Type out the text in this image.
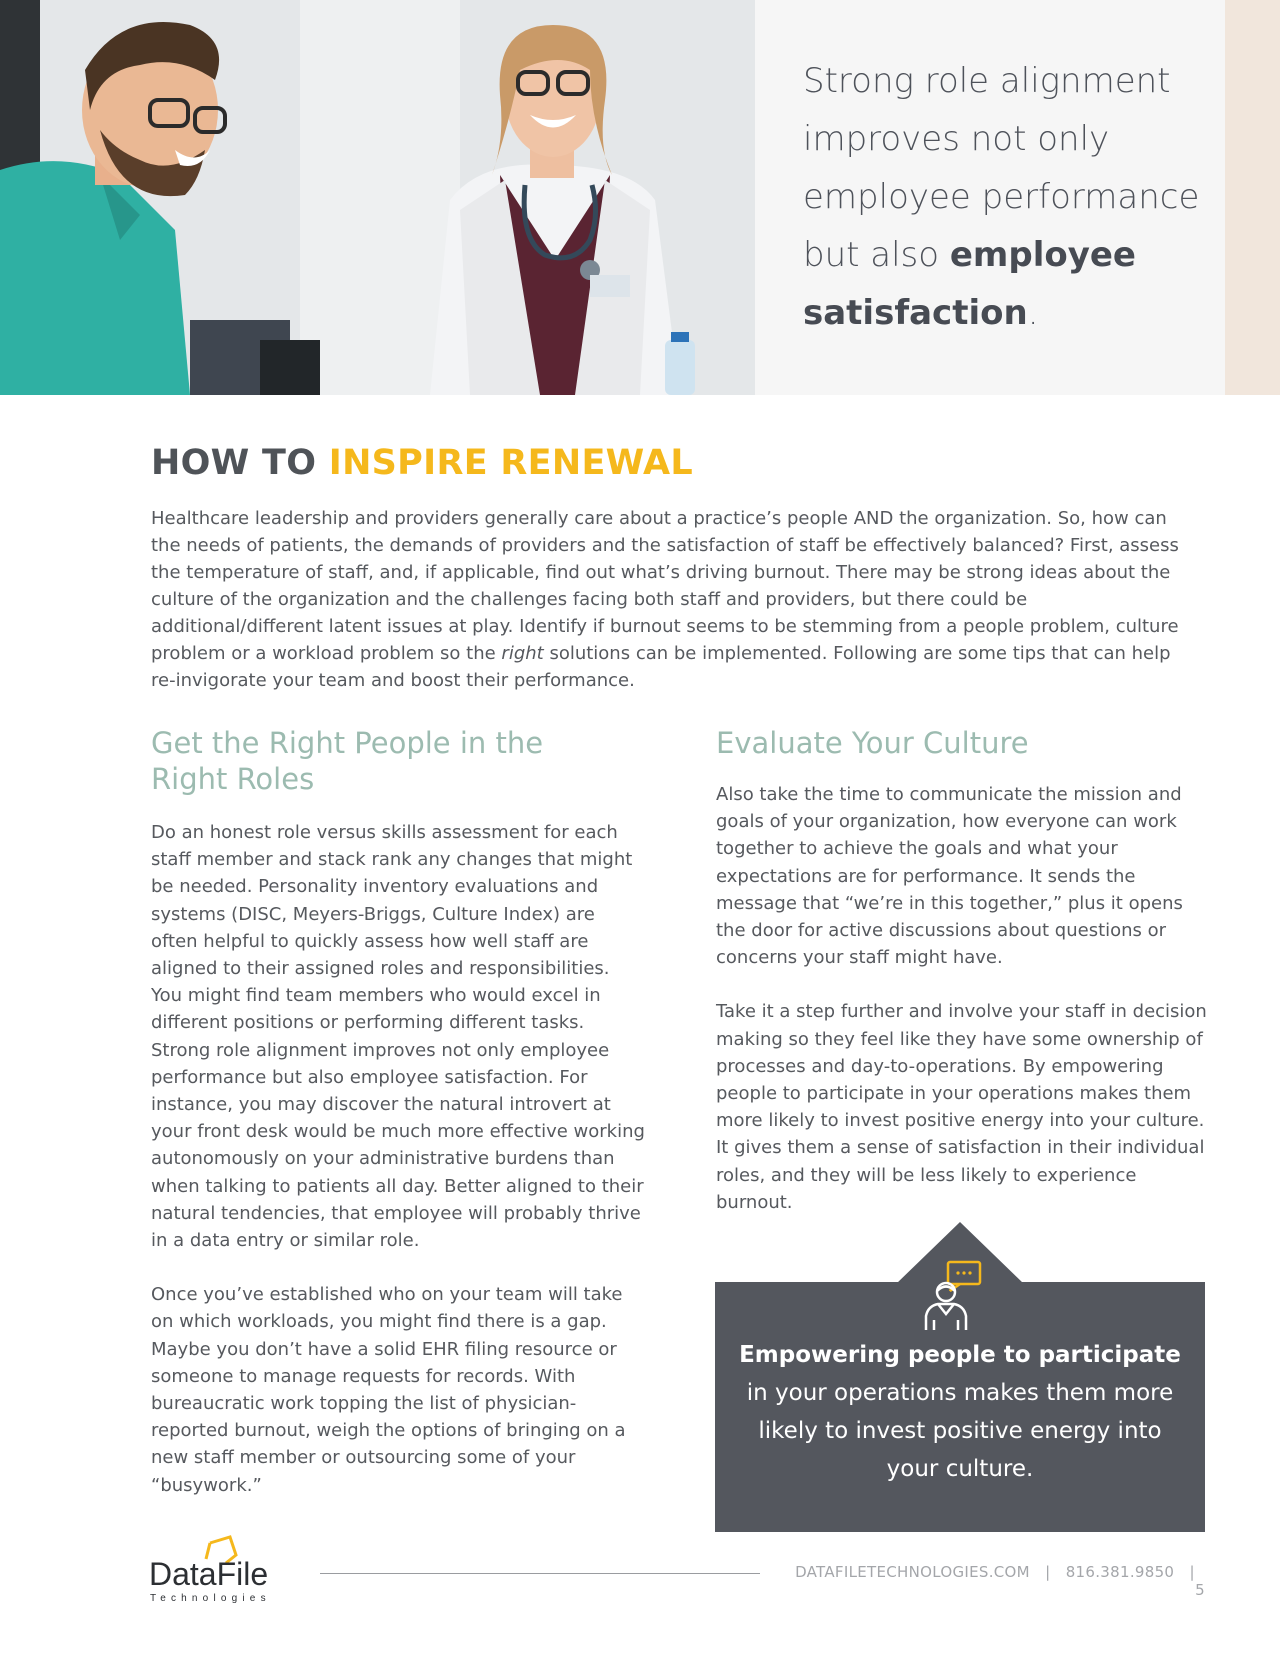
Strong role alignment improves not only employee performance but also employee satisfaction.
HOW TO INSPIRE RENEWAL

Healthcare leadership and providers generally care about a practice’s people AND the organization. So, how can the needs of patients, the demands of providers and the satisfaction of staff be effectively balanced? First, assess the temperature of staff, and, if applicable, find out what’s driving burnout. There may be strong ideas about the culture of the organization and the challenges facing both staff and providers, but there could be additional/different latent issues at play. Identify if burnout seems to be stemming from a people problem, culture problem or a workload problem so the right solutions can be implemented. Following are some tips that can help re-invigorate your team and boost their performance.

Get the Right People in the
Right Roles

Do an honest role versus skills assessment for each staff member and stack rank any changes that might be needed. Personality inventory evaluations and systems (DISC, Meyers-Briggs, Culture Index) are often helpful to quickly assess how well staff are aligned to their assigned roles and responsibilities. You might find team members who would excel in different positions or performing different tasks. Strong role alignment improves not only employee performance but also employee satisfaction. For instance, you may discover the natural introvert at your front desk would be much more effective working autonomously on your administrative burdens than when talking to patients all day. Better aligned to their natural tendencies, that employee will probably thrive in a data entry or similar role.

Once you’ve established who on your team will take on which workloads, you might find there is a gap. Maybe you don’t have a solid EHR filing resource or someone to manage requests for records. With bureaucratic work topping the list of physician-reported burnout, weigh the options of bringing on a new staff member or outsourcing some of your “busywork.”

Evaluate Your Culture

Also take the time to communicate the mission and goals of your organization, how everyone can work together to achieve the goals and what your expectations are for performance. It sends the message that “we’re in this together,” plus it opens the door for active discussions about questions or concerns your staff might have.

Take it a step further and involve your staff in decision making so they feel like they have some ownership of processes and day-to-operations. By empowering people to participate in your operations makes them more likely to invest positive energy into your culture. It gives them a sense of satisfaction in their individual roles, and they will be less likely to experience burnout.

Empowering people to participate
in your operations makes them more likely to invest positive energy into your culture.
DataFile
Technologies
DATAFILETECHNOLOGIES.COM | 816.381.9850 |   5
